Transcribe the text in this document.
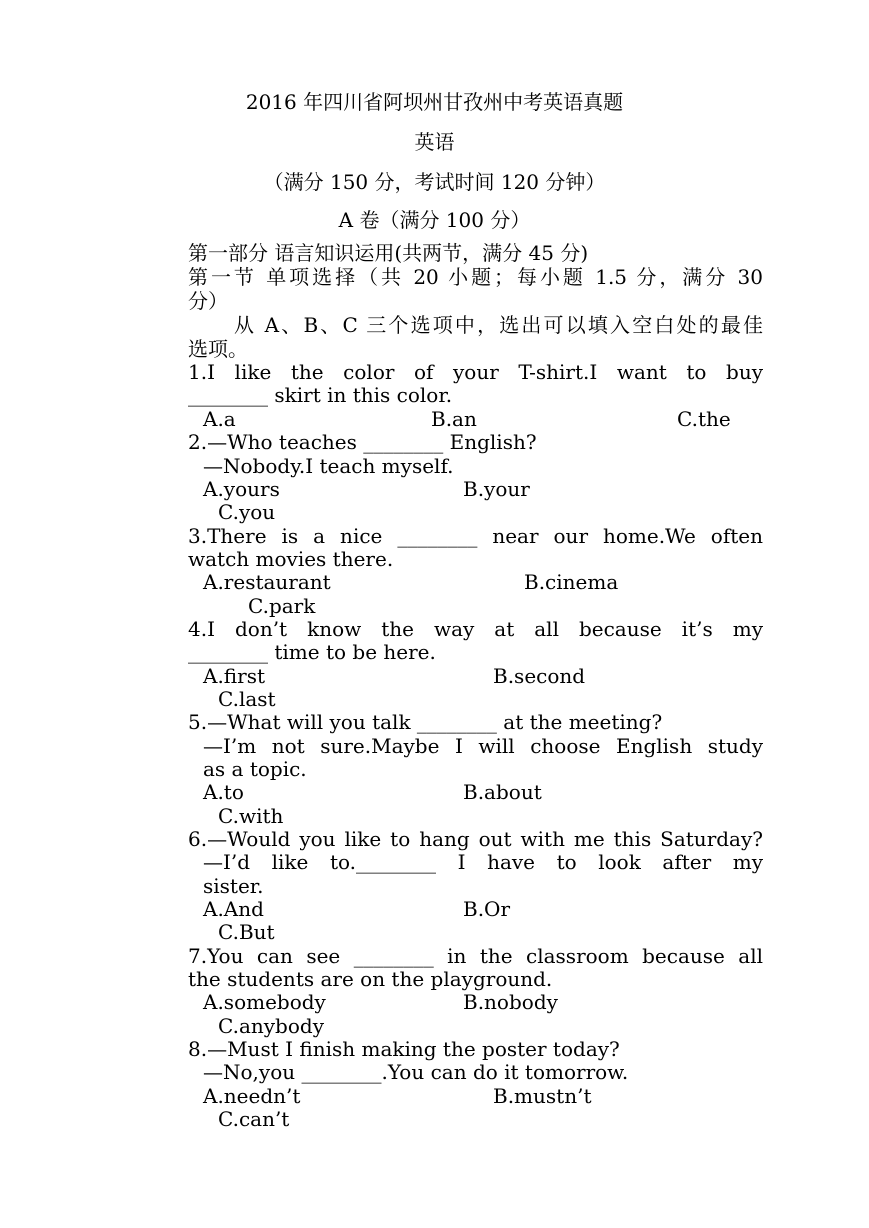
2016 年四川省阿坝州甘孜州中考英语真题
英语
（满分 150 分，考试时间 120 分钟）
A 卷（满分 100 分）
第一部分 语言知识运用(共两节，满分 45 分)
第一节 单项选择（共 20 小题；每小题 1.5 分，满分 30
分）
从 A、B、C 三个选项中，选出可以填入空白处的最佳
选项。
1.I like the color of your T-shirt.I want to buy
________ skirt in this color.
A.a	B.an	C.the
2.—Who teaches ________ English?
—Nobody.I teach myself.
A.yours	B.your
C.you
3.There is a nice ________ near our home.We often
watch movies there.
A.restaurant	B.cinema
C.park
4.I don’t know the way at all because it’s my
________ time to be here.
A.first	B.second
C.last
5.—What will you talk ________ at the meeting?
—I’m not sure.Maybe I will choose English study
as a topic.
A.to	B.about
C.with
6.—Would you like to hang out with me this Saturday?
—I’d like to.________ I have to look after my
sister.
A.And	B.Or
C.But
7.You can see ________ in the classroom because all
the students are on the playground.
A.somebody	B.nobody
C.anybody
8.—Must I finish making the poster today?
—No,you ________.You can do it tomorrow.
A.needn’t	B.mustn’t
C.can’t
